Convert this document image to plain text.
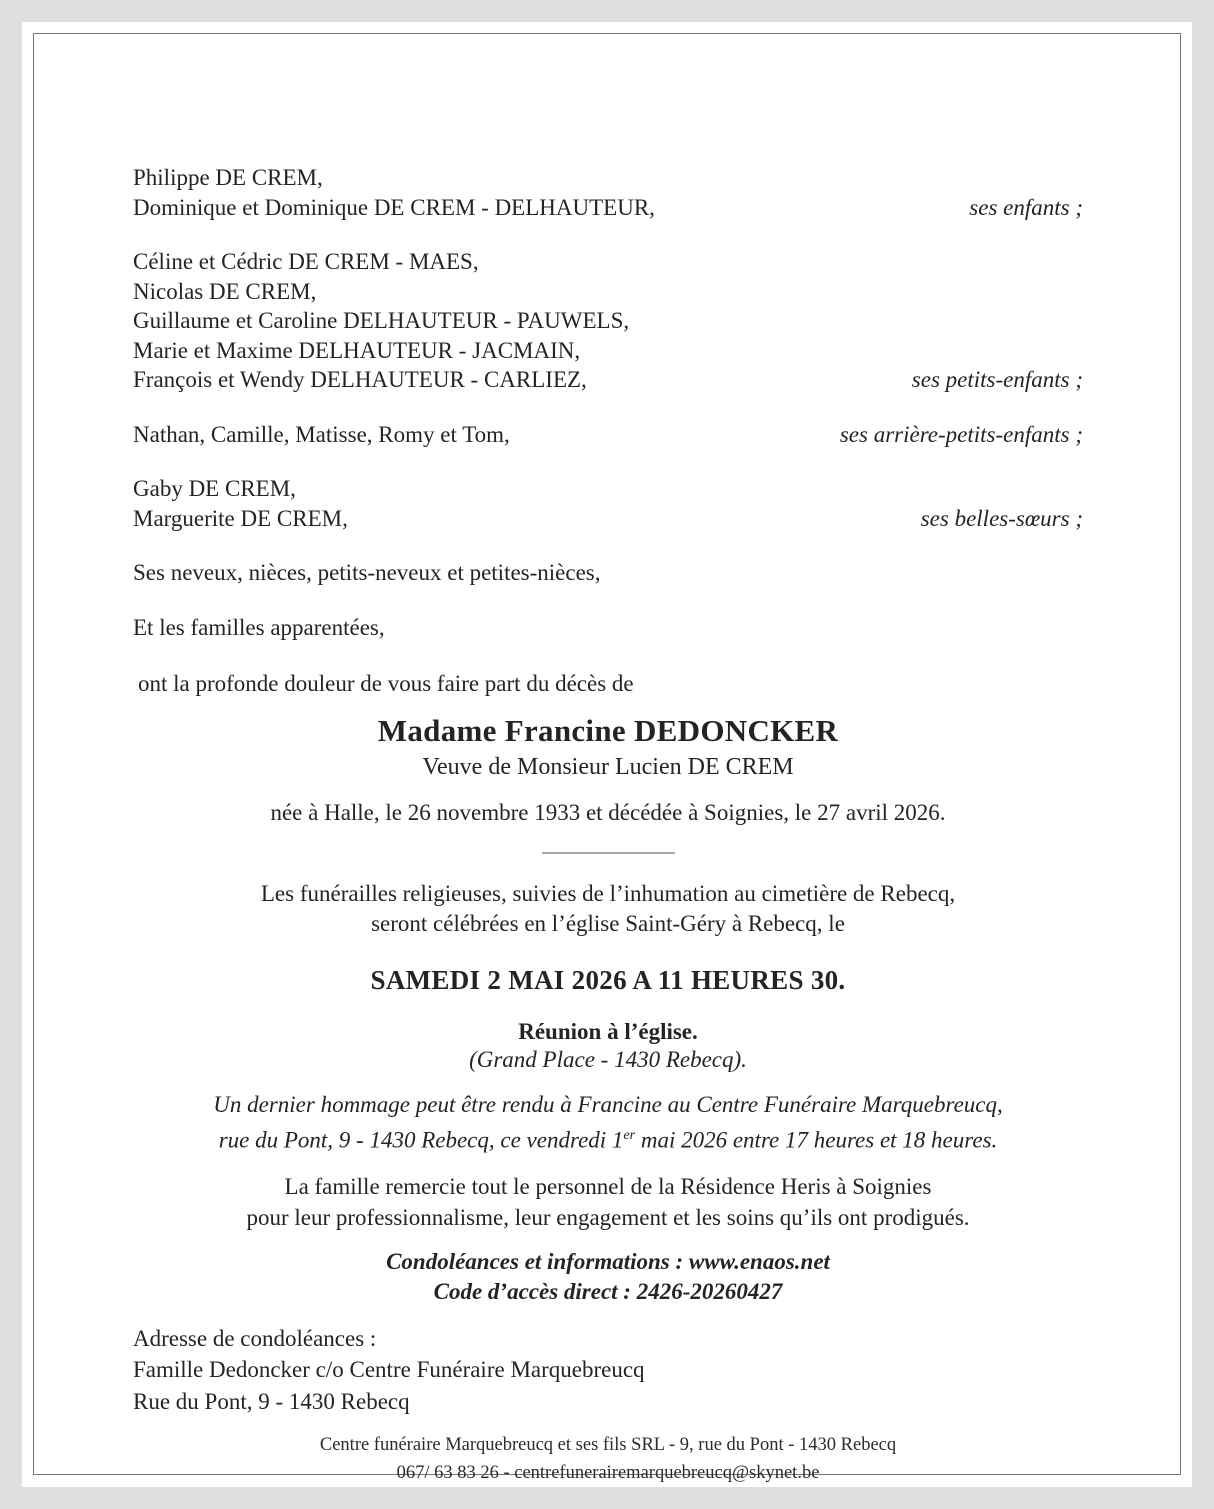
Philippe DE CREM,
Dominique et Dominique DE CREM - DELHAUTEUR,	ses enfants ;
Céline et Cédric DE CREM - MAES,
Nicolas DE CREM,
Guillaume et Caroline DELHAUTEUR - PAUWELS,
Marie et Maxime DELHAUTEUR - JACMAIN,
François et Wendy DELHAUTEUR - CARLIEZ,	ses petits-enfants ;
Nathan, Camille, Matisse, Romy et Tom,	ses arrière-petits-enfants ;
Gaby DE CREM,
Marguerite DE CREM,	ses belles-sœurs ;
Ses neveux, nièces, petits-neveux et petites-nièces,
Et les familles apparentées,

ont la profonde douleur de vous faire part du décès de

Madame Francine DEDONCKER

Veuve de Monsieur Lucien DE CREM

née à Halle, le 26 novembre 1933 et décédée à Soignies, le 27 avril 2026.

Les funérailles religieuses, suivies de l’inhumation au cimetière de Rebecq,
seront célébrées en l’église Saint-Géry à Rebecq, le

SAMEDI 2 MAI 2026 A 11 HEURES 30.

Réunion à l’église.

(Grand Place - 1430 Rebecq).

Un dernier hommage peut être rendu à Francine au Centre Funéraire Marquebreucq,
rue du Pont, 9 - 1430 Rebecq, ce vendredi 1er mai 2026 entre 17 heures et 18 heures.

La famille remercie tout le personnel de la Résidence Heris à Soignies
pour leur professionnalisme, leur engagement et les soins qu’ils ont prodigués.

Condoléances et informations : www.enaos.net
Code d’accès direct : 2426-20260427

Adresse de condoléances :
Famille Dedoncker c/o Centre Funéraire Marquebreucq
Rue du Pont, 9 - 1430 Rebecq

Centre funéraire Marquebreucq et ses fils SRL - 9, rue du Pont - 1430 Rebecq
067/ 63 83 26 - centrefunerairemarquebreucq@skynet.be
